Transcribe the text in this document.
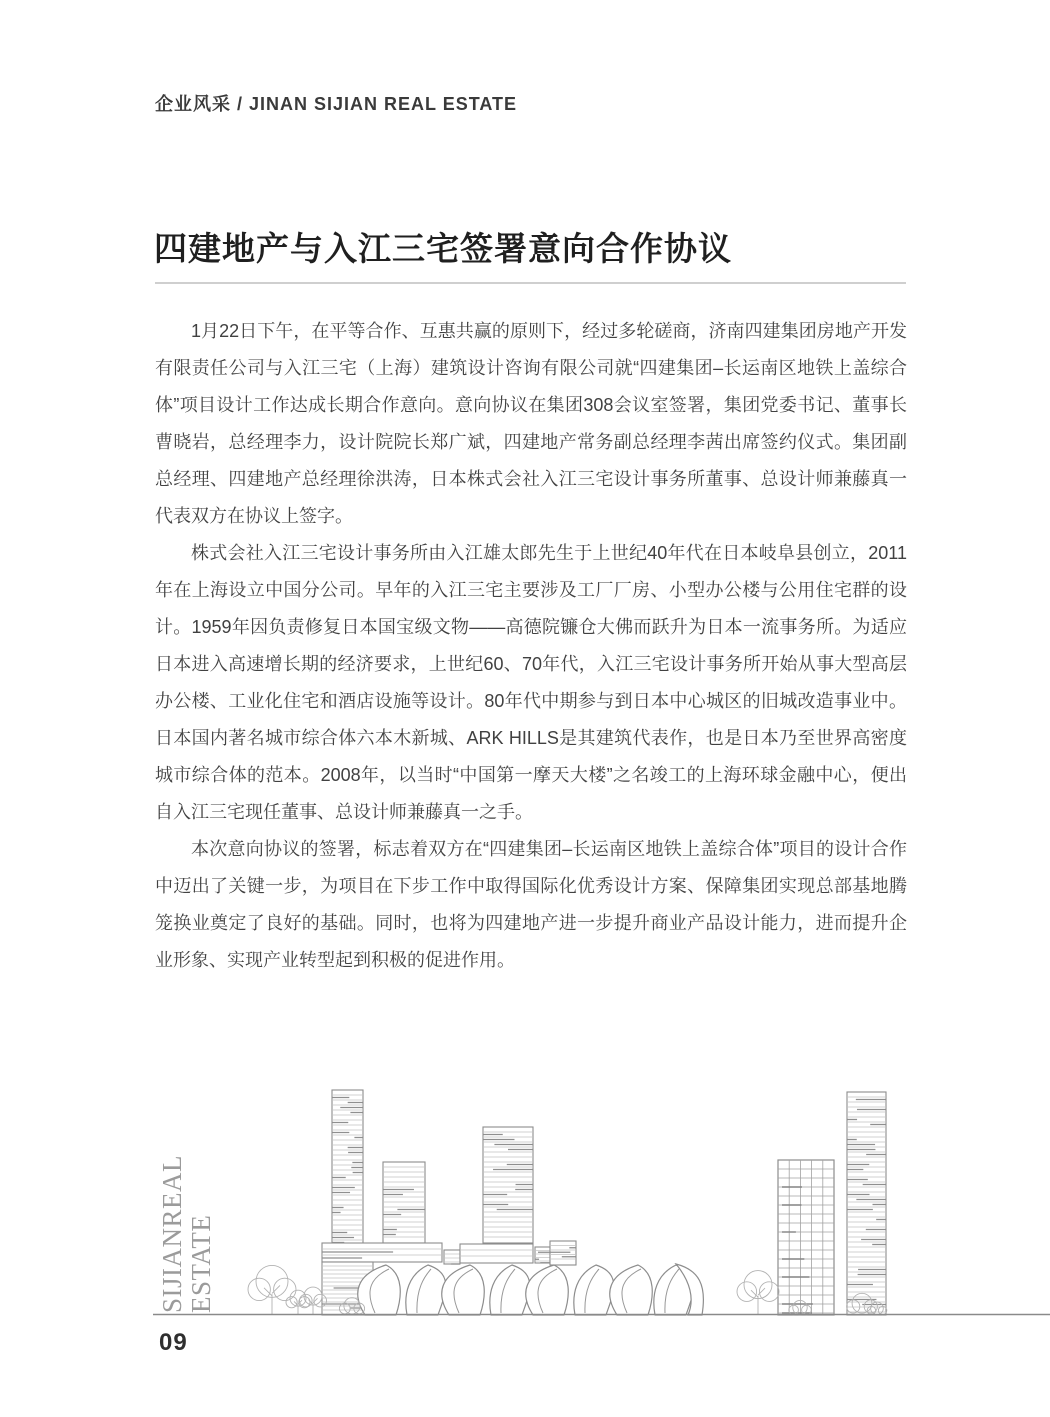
企业风采 / JINAN SIJIAN REAL ESTATE
四建地产与入江三宅签署意向合作协议

1月22日下午，在平等合作、互惠共赢的原则下，经过多轮磋商，济南四建集团房地产开发有限责任公司与入江三宅（上海）建筑设计咨询有限公司就“四建集团–长运南区地铁上盖综合体”项目设计工作达成长期合作意向。意向协议在集团308会议室签署，集团党委书记、董事长曹晓岩，总经理李力，设计院院长郑广斌，四建地产常务副总经理李茜出席签约仪式。集团副总经理、四建地产总经理徐洪涛，日本株式会社入江三宅设计事务所董事、总设计师兼藤真一代表双方在协议上签字。

株式会社入江三宅设计事务所由入江雄太郎先生于上世纪40年代在日本岐阜县创立，2011年在上海设立中国分公司。早年的入江三宅主要涉及工厂厂房、小型办公楼与公用住宅群的设计。1959年因负责修复日本国宝级文物——高德院镰仓大佛而跃升为日本一流事务所。为适应日本进入高速增长期的经济要求，上世纪60、70年代，入江三宅设计事务所开始从事大型高层办公楼、工业化住宅和酒店设施等设计。80年代中期参与到日本中心城区的旧城改造事业中。日本国内著名城市综合体六本木新城、ARK HILLS是其建筑代表作，也是日本乃至世界高密度城市综合体的范本。2008年，以当时“中国第一摩天大楼”之名竣工的上海环球金融中心，便出自入江三宅现任董事、总设计师兼藤真一之手。

本次意向协议的签署，标志着双方在“四建集团–长运南区地铁上盖综合体”项目的设计合作中迈出了关键一步，为项目在下步工作中取得国际化优秀设计方案、保障集团实现总部基地腾笼换业奠定了良好的基础。同时，也将为四建地产进一步提升商业产品设计能力，进而提升企业形象、实现产业转型起到积极的促进作用。

SIJIANREAL ESTATE
09
